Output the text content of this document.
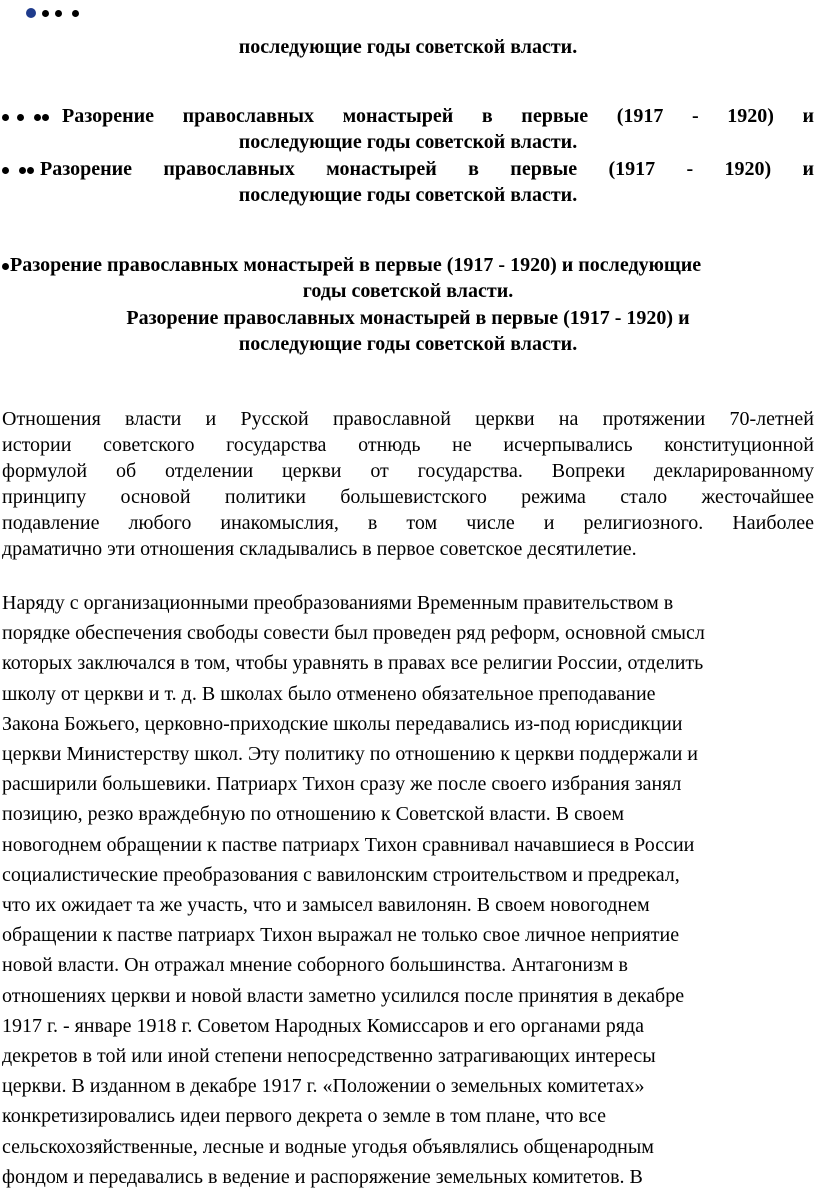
последующие годы советской власти.
Разорение православных монастырей в первые (1917 - 1920) и
последующие годы советской власти.
Разорение православных монастырей в первые (1917 - 1920) и
последующие годы советской власти.
Разорение православных монастырей в первые (1917 - 1920) и последующие
годы советской власти.
Разорение православных монастырей в первые (1917 - 1920) и
последующие годы советской власти.
Отношения власти и Русской православной церкви на протяжении 70-летней
истории советского государства отнюдь не исчерпывались конституционной
формулой об отделении церкви от государства. Вопреки декларированному
принципу основой политики большевистского режима стало жесточайшее
подавление любого инакомыслия, в том числе и религиозного. Наиболее
драматично эти отношения складывались в первое советское десятилетие.
Наряду с организационными преобразованиями Временным правительством в
порядке обеспечения свободы совести был проведен ряд реформ, основной смысл
которых заключался в том, чтобы уравнять в правах все религии России, отделить
школу от церкви и т. д. В школах было отменено обязательное преподавание
Закона Божьего, церковно-приходские школы передавались из-под юрисдикции
церкви Министерству школ. Эту политику по отношению к церкви поддержали и
расширили большевики. Патриарх Тихон сразу же после своего избрания занял
позицию, резко враждебную по отношению к Советской власти. В своем
новогоднем обращении к пастве патриарх Тихон сравнивал начавшиеся в России
социалистические преобразования с вавилонским строительством и предрекал,
что их ожидает та же участь, что и замысел вавилонян. В своем новогоднем
обращении к пастве патриарх Тихон выражал не только свое личное неприятие
новой власти. Он отражал мнение соборного большинства. Антагонизм в
отношениях церкви и новой власти заметно усилился после принятия в декабре
1917 г. - январе 1918 г. Советом Народных Комиссаров и его органами ряда
декретов в той или иной степени непосредственно затрагивающих интересы
церкви. В изданном в декабре 1917 г. «Положении о земельных комитетах»
конкретизировались идеи первого декрета о земле в том плане, что все
сельскохозяйственные, лесные и водные угодья объявлялись общенародным
фондом и передавались в ведение и распоряжение земельных комитетов. В
